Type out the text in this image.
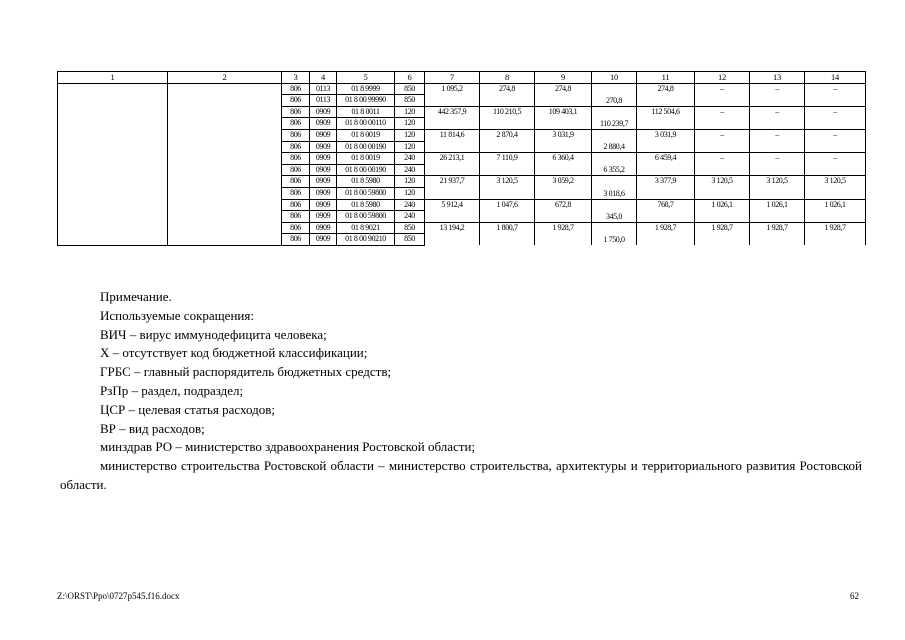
1	2	3	4	5	6	7	8	9	10	11	12	13	14
		806	0113	01 8 9999	850	1 095,2	274,8	274,8	270,8	274,8	–	–	–
		806	0113	01 8 00 99990	850								
		806	0909	01 8 0011	120	442 357,9	110 210,5	109 403,1	110 239,7	112 504,6	–	–	–
		806	0909	01 8 00 00110	120								
		806	0909	01 8 0019	120	11 814,6	2 870,4	3 031,9	2 880,4	3 031,9	–	–	–
		806	0909	01 8 00 00190	120								
		806	0909	01 8 0019	240	26 213,1	7 110,9	6 360,4	6 355,2	6 459,4	–	–	–
		806	0909	01 8 00 00190	240								
		806	0909	01 8 5980	120	21 937,7	3 120,5	3 059,2	3 018,6	3 377,9	3 120,5	3 120,5	3 120,5
		806	0909	01 8 00 59800	120								
		806	0909	01 8 5980	240	5 912,4	1 047,6	672,8	345,0	768,7	1 026,1	1 026,1	1 026,1
		806	0909	01 8 00 59800	240								
		806	0909	01 8 9021	850	13 194,2	1 800,7	1 928,7	1 750,0	1 928,7	1 928,7	1 928,7	1 928,7
		806	0909	01 8 00 90210	850								

Примечание.

Используемые сокращения:

ВИЧ – вирус иммунодефицита человека;

Х – отсутствует код бюджетной классификации;

ГРБС – главный распорядитель бюджетных средств;

РзПр – раздел, подраздел;

ЦСР – целевая статья расходов;

ВР – вид расходов;

минздрав РО – министерство здравоохранения Ростовской области;

министерство строительства Ростовской области – министерство строительства, архитектуры и территориального развития Ростовской области.

Z:\ORST\Ppo\0727p545.f16.docx	62
